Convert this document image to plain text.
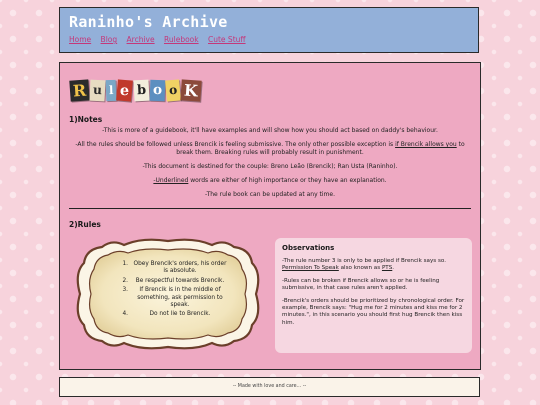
Raninho's Archive
Home Blog Archive Rulebook Cute Stuff
R u l e b o o K
1)Notes

-This is more of a guidebook, it'll have examples and will show how you should act based on daddy's behaviour.

-All the rules should be followed unless Brencik is feeling submissive. The only other possible exception is if Brencik allows you to break them. Breaking rules will probably result in punishment.

-This document is destined for the couple: Breno Leão (Brencik); Ran Usta (Raninho).

-Underlined words are either of high importance or they have an explanation.

-The rule book can be updated at any time.

2)Rules
1. Obey Brencik's orders, his order is absolute.
2.	Be respectful towards Brencik.
3.	If Brencik is in the middle of something, ask permission to speak.
4.	Do not lie to Brencik.
Observations

-The rule number 3 is only to be applied if Brencik says so. Permission To Speak also known as PTS.

-Rules can be broken if Brencik allows so or he is feeling submissive, in that case rules aren't applied.

-Brencik's orders should be prioritized by chronological order. For example, Brencik says: "Hug me for 2 minutes and kiss me for 2 minutes.", in this scenario you should first hug Brencik then kiss him.

-- Made with love and care... --
